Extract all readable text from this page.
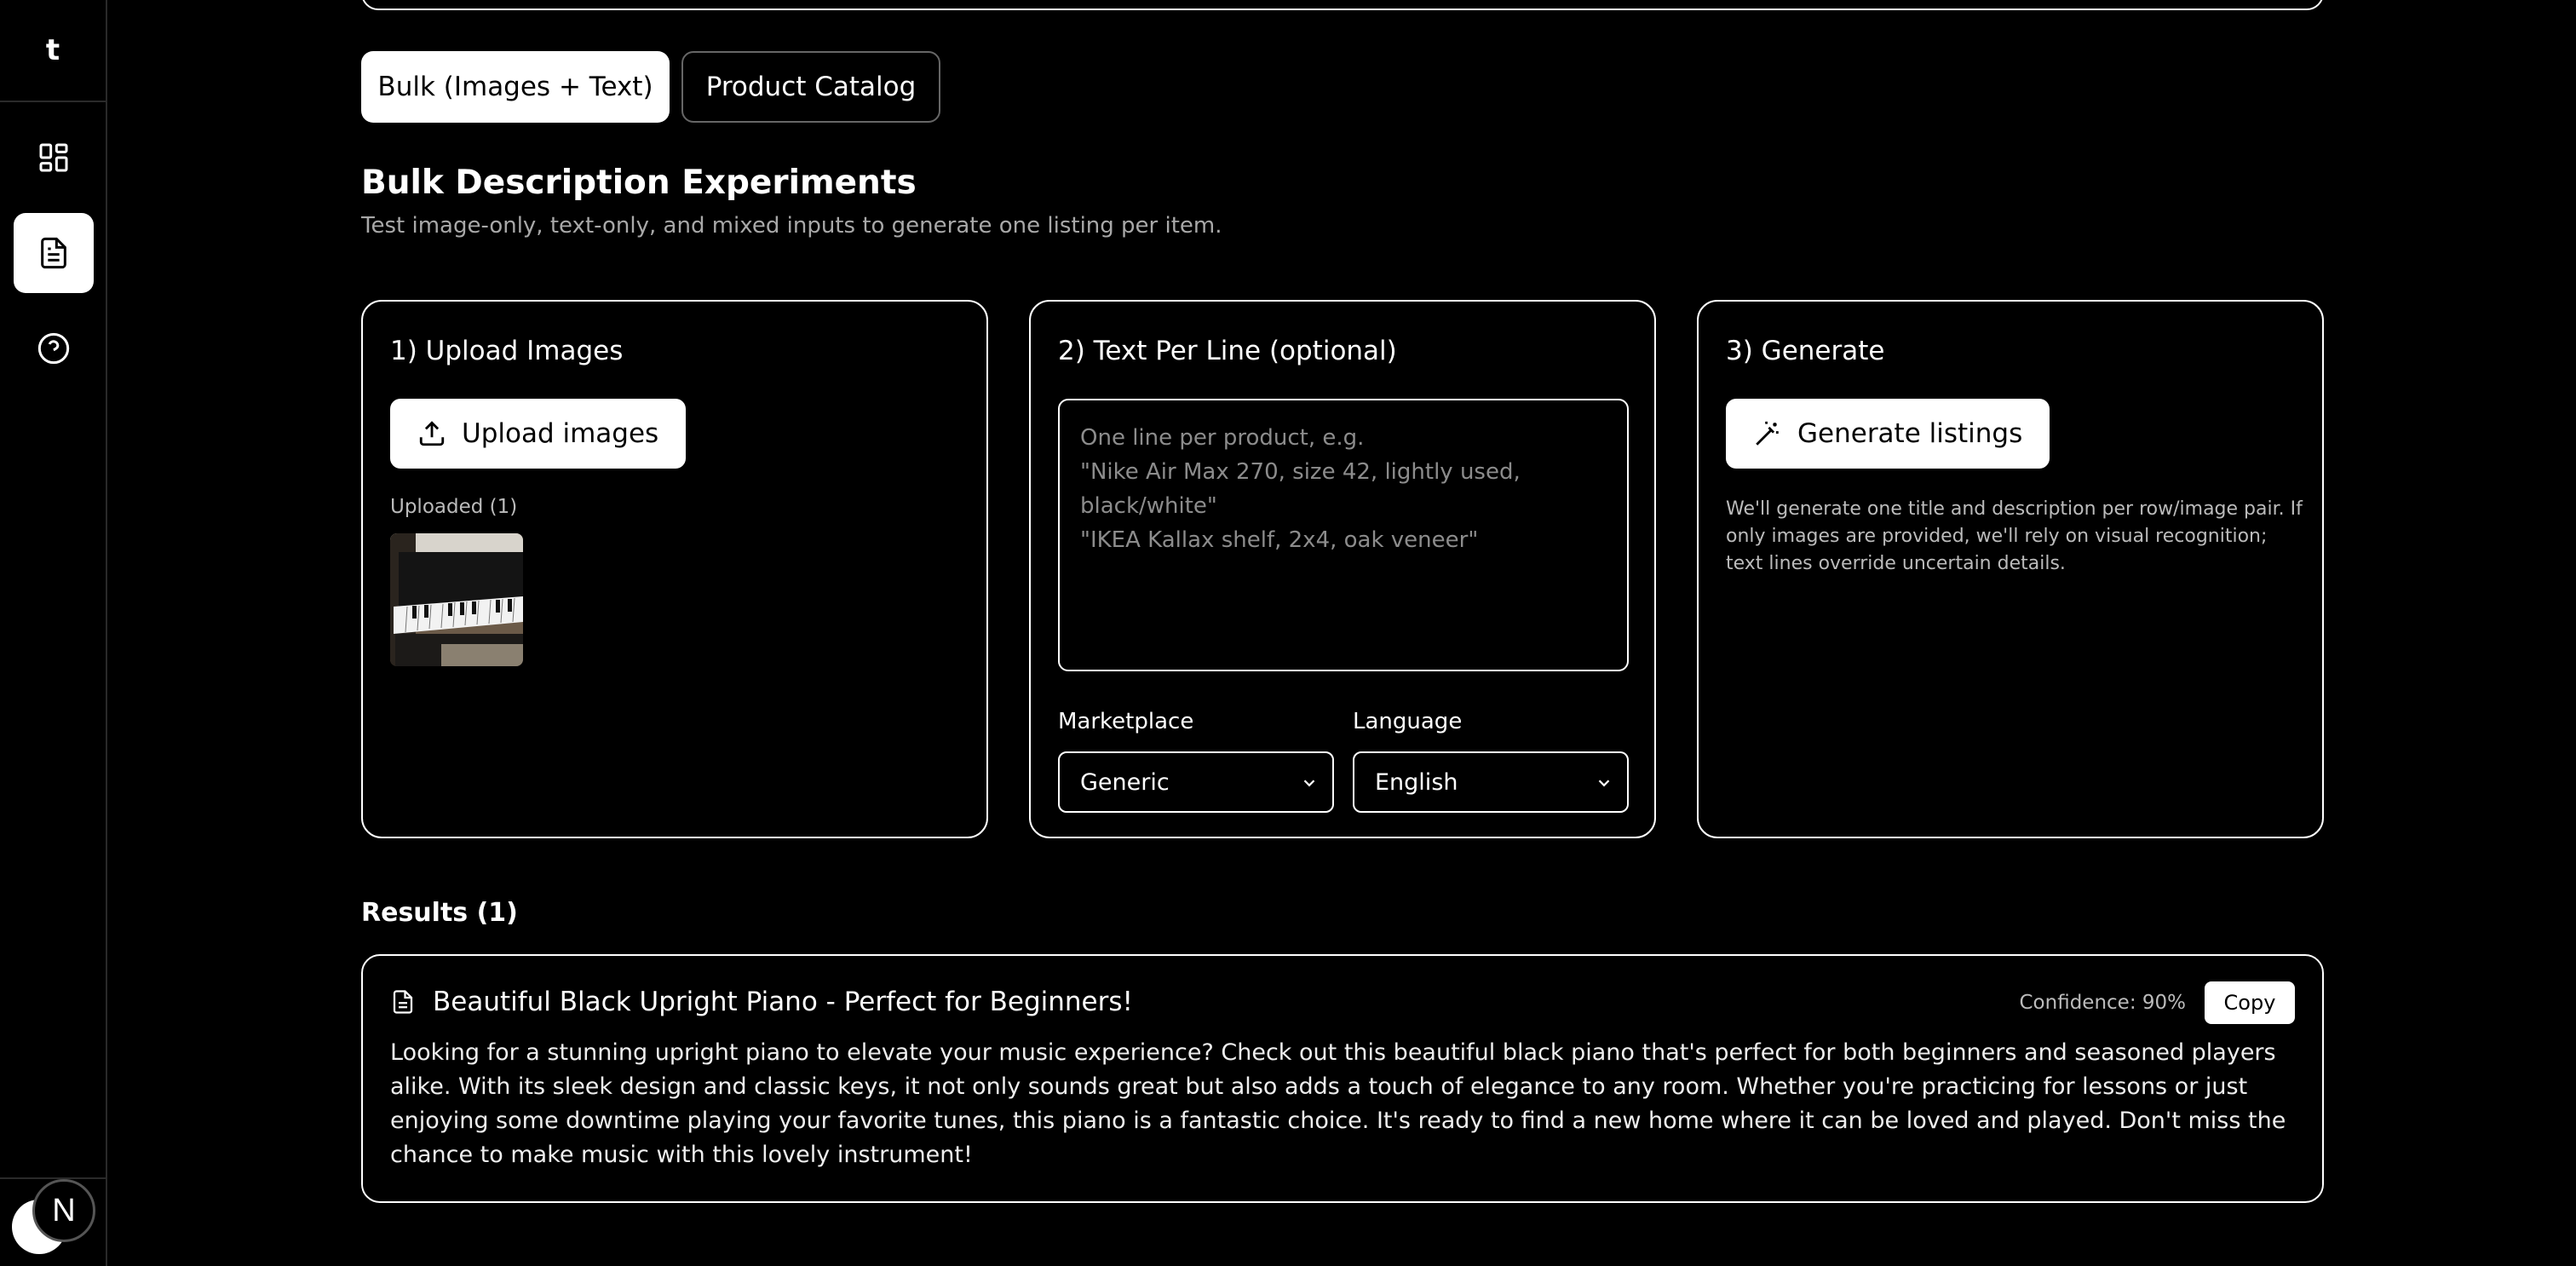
t
N
Bulk (Images + Text)	Product Catalog
Bulk Description Experiments
Test image-only, text-only, and mixed inputs to generate one listing per item.
1) Upload Images
Upload images
Uploaded (1)
2) Text Per Line (optional)
One line per product, e.g.
"Nike Air Max 270, size 42, lightly used, black/white"
"IKEA Kallax shelf, 2x4, oak veneer"
Marketplace
Generic
Language
English
3) Generate
Generate listings
We'll generate one title and description per row/image pair. If only images are provided, we'll rely on visual recognition; text lines override uncertain details.
Results (1)
Beautiful Black Upright Piano - Perfect for Beginners!	Confidence: 90%	Copy
Looking for a stunning upright piano to elevate your music experience? Check out this beautiful black piano that's perfect for both beginners and seasoned players alike. With its sleek design and classic keys, it not only sounds great but also adds a touch of elegance to any room. Whether you're practicing for lessons or just enjoying some downtime playing your favorite tunes, this piano is a fantastic choice. It's ready to find a new home where it can be loved and played. Don't miss the chance to make music with this lovely instrument!
